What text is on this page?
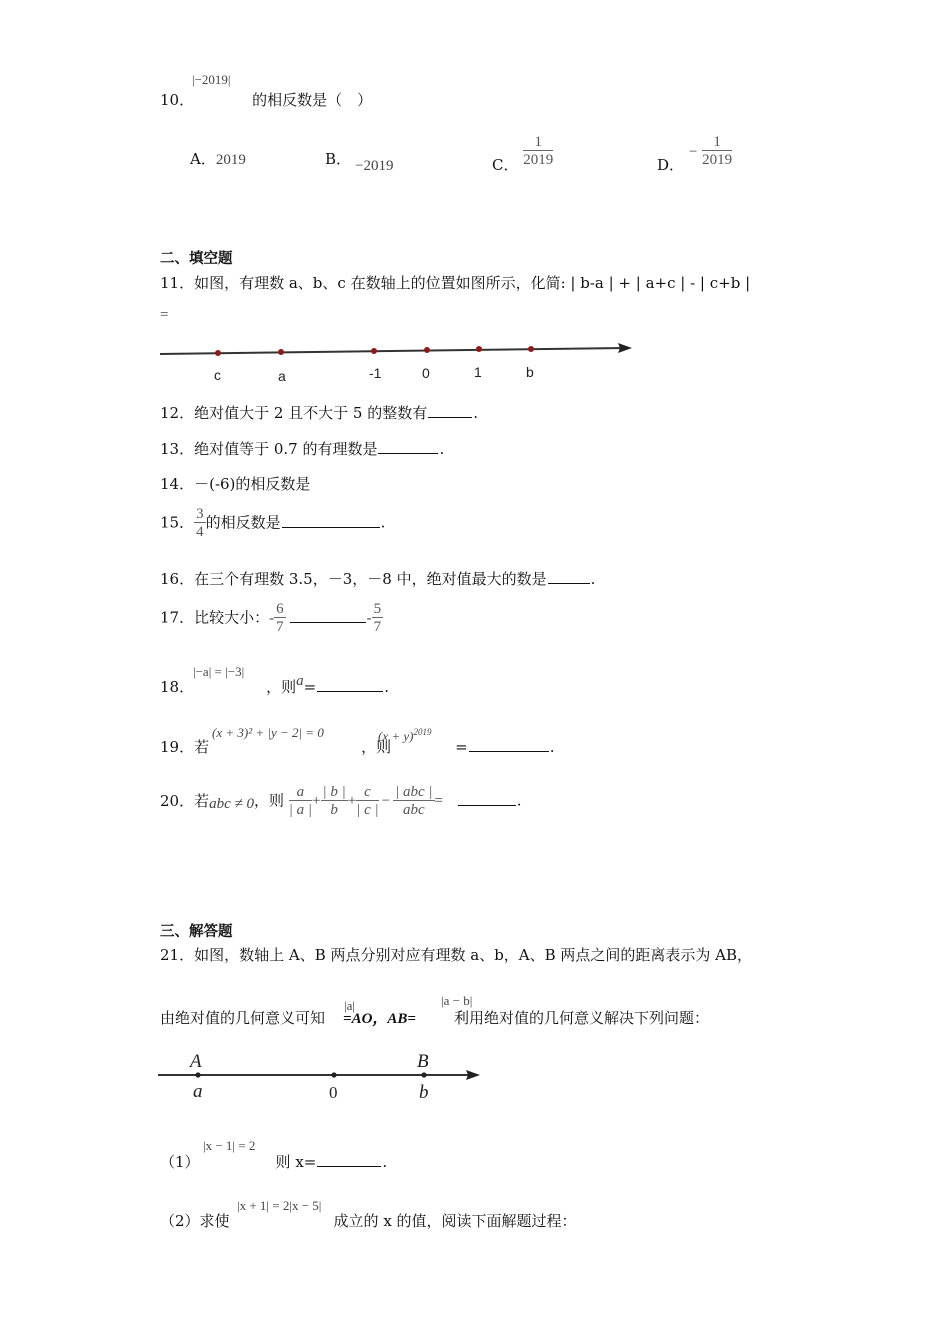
|−2019|
10．	的相反数是（　）
A．2019	B． −2019	C． $\frac{1}{2019}$	D． − $\frac{1}{2019}$
二、填空题
11．如图，有理数 a、b、c 在数轴上的位置如图所示，化简: | b-a | + | a+c | - | c+b |
=
c	a	-1	0	1	b
12．绝对值大于 2 且不大于 5 的整数有	.
13．绝对值等于 0.7 的有理数是	.
14．－(-6)的相反数是
15． $\frac{3}{4}$ 的相反数是	.
16．在三个有理数 3.5，－3，－8 中，绝对值最大的数是	.
17．比较大小：- $\frac{6}{7}$	- $\frac{5}{7}$
|−a| = |−3|
18．	，则a=	.
(x + 3)² + |y − 2| = 0	$(x + y)^{2019}$
19．若	，则	=	.
20．若abc ≠ 0，则 $\frac{a}{| a |} + \frac{| b |}{b} + \frac{c}{| c |} - \frac{\text{| abc |}}{\text{abc}}$ =	.
三、解答题
21．如图，数轴上 A、B 两点分别对应有理数 a、b，A、B 两点之间的距离表示为 AB，
|a|	|a − b|
由绝对值的几何意义可知 =AO，AB=	利用绝对值的几何意义解决下列问题：
A	B
a	0	b
|x − 1| = 2
（1）	则 x=	.
|x + 1| = 2|x − 5|
（2）求使	成立的 x 的值，阅读下面解题过程：
